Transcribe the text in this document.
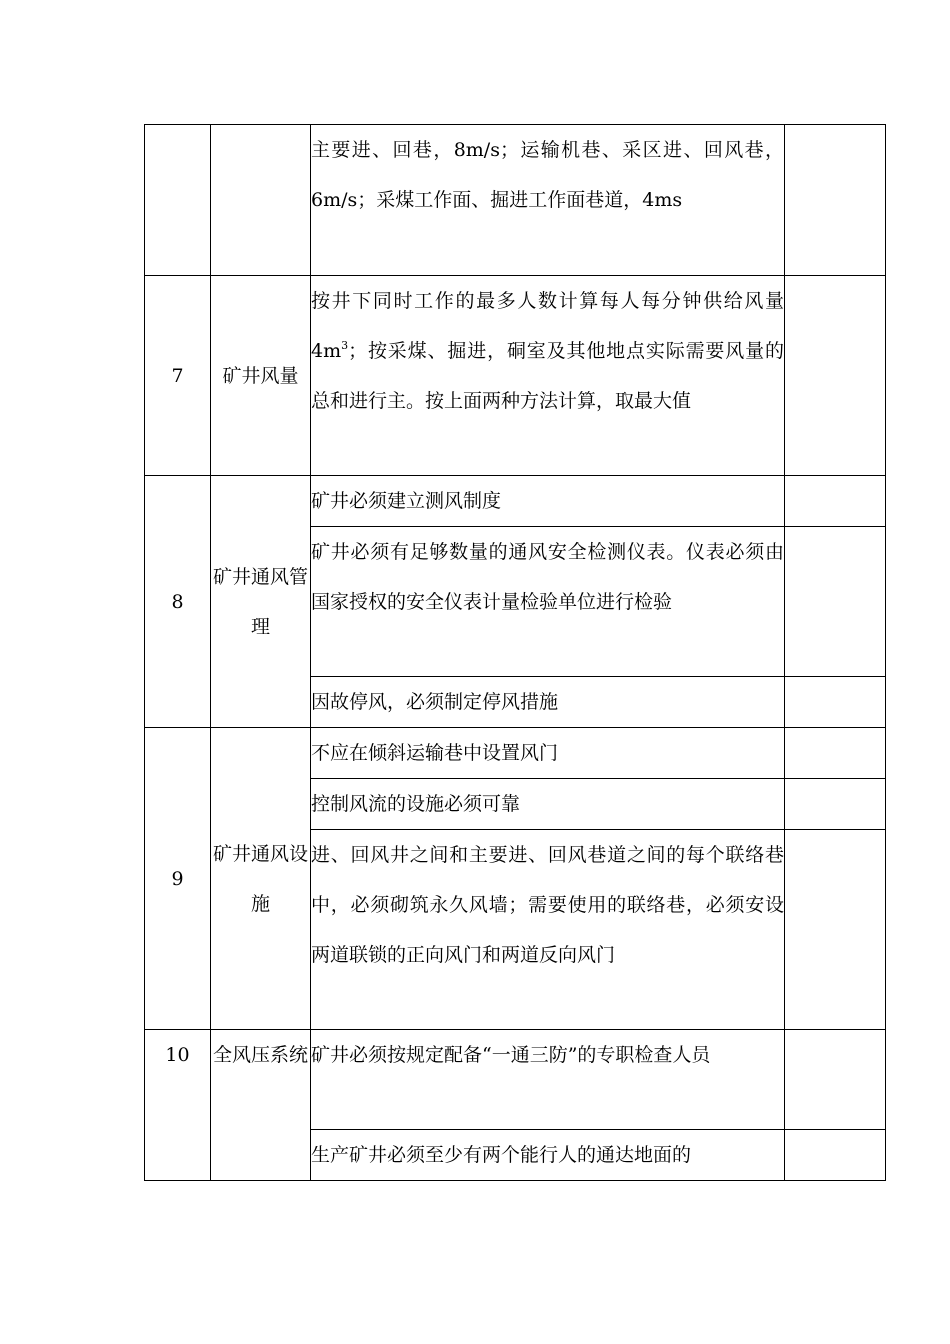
		主要进、回巷，8m/s；运输机巷、采区进、回风巷，6m/s；采煤工作面、掘进工作面巷道，4ms	
7	矿井风量	按井下同时工作的最多人数计算每人每分钟供给风量$4m^3$；按采煤、掘进，硐室及其他地点实际需要风量的总和进行主。按上面两种方法计算，取最大值	
8	矿井通风管理	矿井必须建立测风制度	
		矿井必须有足够数量的通风安全检测仪表。仪表必须由国家授权的安全仪表计量检验单位进行检验	
		因故停风，必须制定停风措施	
9	矿井通风设施	不应在倾斜运输巷中设置风门	
		控制风流的设施必须可靠	
		进、回风井之间和主要进、回风巷道之间的每个联络巷中，必须砌筑永久风墙；需要使用的联络巷，必须安设两道联锁的正向风门和两道反向风门	
10	全风压系统	矿井必须按规定配备“一通三防”的专职检查人员	
		生产矿井必须至少有两个能行人的通达地面的	
